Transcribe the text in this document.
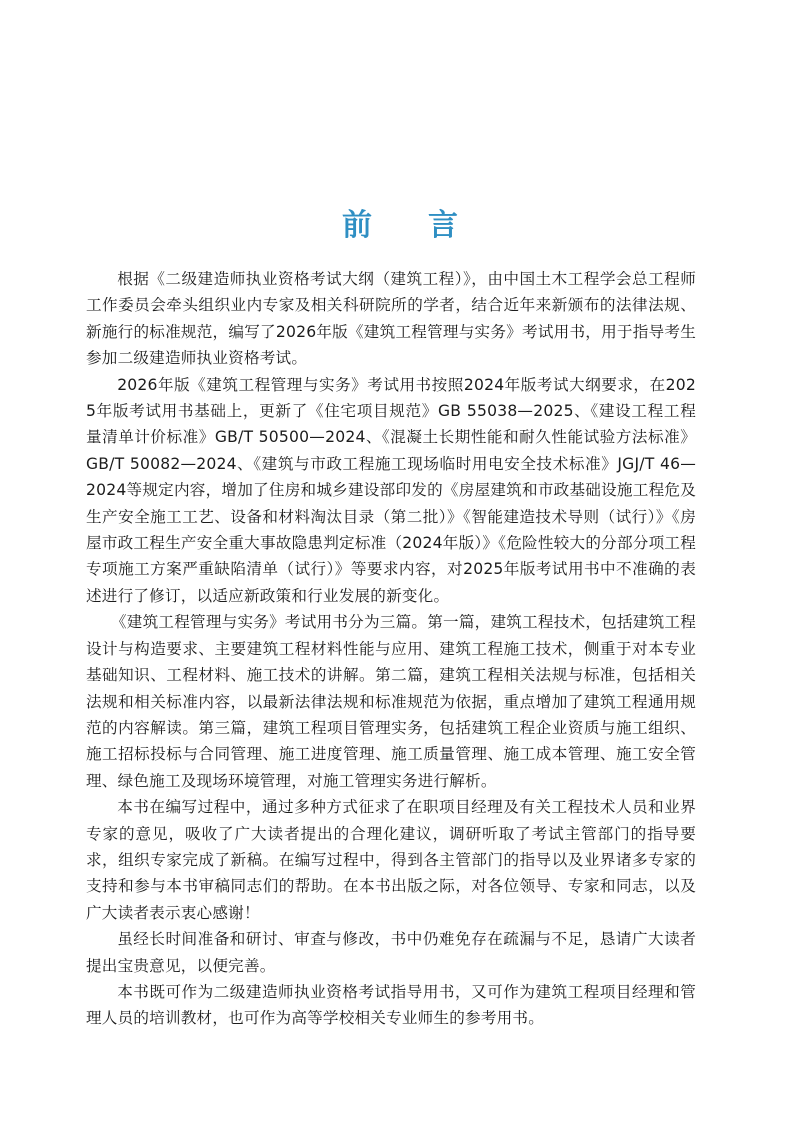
前言

根据《二级建造师执业资格考试大纲（建筑工程）》，由中国土木工程学会总工程师工作委员会牵头组织业内专家及相关科研院所的学者，结合近年来新颁布的法律法规、新施行的标准规范，编写了2026年版《建筑工程管理与实务》考试用书，用于指导考生参加二级建造师执业资格考试。

2026年版《建筑工程管理与实务》考试用书按照2024年版考试大纲要求，在2025年版考试用书基础上，更新了《住宅项目规范》GB 55038—2025、《建设工程工程量清单计价标准》GB/T 50500—2024、《混凝土长期性能和耐久性能试验方法标准》GB/T 50082—2024、《建筑与市政工程施工现场临时用电安全技术标准》JGJ/T 46—2024等规定内容，增加了住房和城乡建设部印发的《房屋建筑和市政基础设施工程危及生产安全施工工艺、设备和材料淘汰目录（第二批）》《智能建造技术导则（试行）》《房屋市政工程生产安全重大事故隐患判定标准（2024年版）》《危险性较大的分部分项工程专项施工方案严重缺陷清单（试行）》等要求内容，对2025年版考试用书中不准确的表述进行了修订，以适应新政策和行业发展的新变化。

《建筑工程管理与实务》考试用书分为三篇。第一篇，建筑工程技术，包括建筑工程设计与构造要求、主要建筑工程材料性能与应用、建筑工程施工技术，侧重于对本专业基础知识、工程材料、施工技术的讲解。第二篇，建筑工程相关法规与标准，包括相关法规和相关标准内容，以最新法律法规和标准规范为依据，重点增加了建筑工程通用规范的内容解读。第三篇，建筑工程项目管理实务，包括建筑工程企业资质与施工组织、施工招标投标与合同管理、施工进度管理、施工质量管理、施工成本管理、施工安全管理、绿色施工及现场环境管理，对施工管理实务进行解析。

本书在编写过程中，通过多种方式征求了在职项目经理及有关工程技术人员和业界专家的意见，吸收了广大读者提出的合理化建议，调研听取了考试主管部门的指导要求，组织专家完成了新稿。在编写过程中，得到各主管部门的指导以及业界诸多专家的支持和参与本书审稿同志们的帮助。在本书出版之际，对各位领导、专家和同志，以及广大读者表示衷心感谢！

虽经长时间准备和研讨、审查与修改，书中仍难免存在疏漏与不足，恳请广大读者提出宝贵意见，以便完善。

本书既可作为二级建造师执业资格考试指导用书，又可作为建筑工程项目经理和管理人员的培训教材，也可作为高等学校相关专业师生的参考用书。
